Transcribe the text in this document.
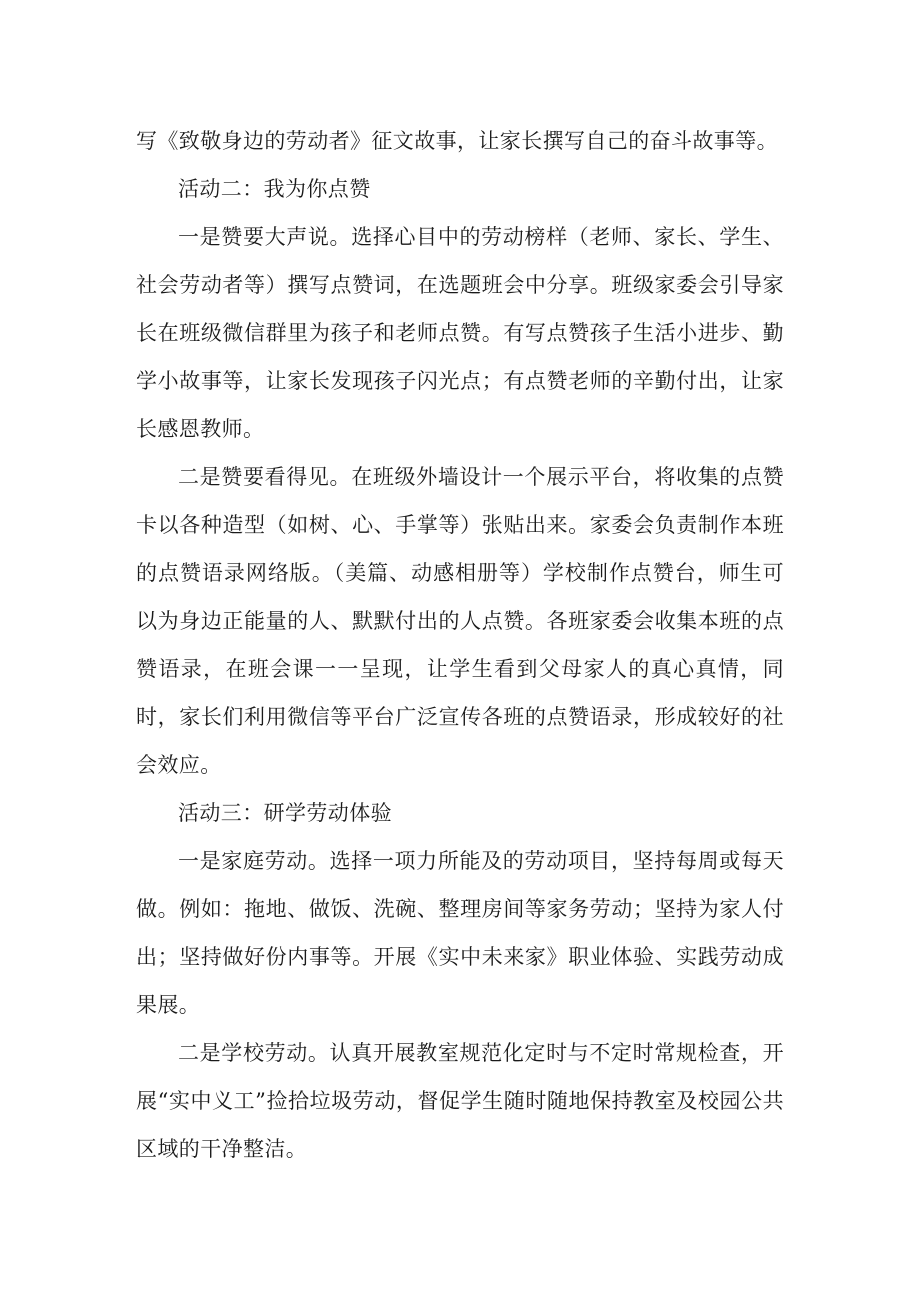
写《致敬身边的劳动者》征文故事，让家长撰写自己的奋斗故事等。

活动二：我为你点赞

一是赞要大声说。选择心目中的劳动榜样（老师、家长、学生、社会劳动者等）撰写点赞词，在选题班会中分享。班级家委会引导家长在班级微信群里为孩子和老师点赞。有写点赞孩子生活小进步、勤学小故事等，让家长发现孩子闪光点；有点赞老师的辛勤付出，让家长感恩教师。

二是赞要看得见。在班级外墙设计一个展示平台，将收集的点赞卡以各种造型（如树、心、手掌等）张贴出来。家委会负责制作本班的点赞语录网络版。（美篇、动感相册等）学校制作点赞台，师生可以为身边正能量的人、默默付出的人点赞。各班家委会收集本班的点赞语录，在班会课一一呈现，让学生看到父母家人的真心真情，同时，家长们利用微信等平台广泛宣传各班的点赞语录，形成较好的社会效应。

活动三：研学劳动体验

一是家庭劳动。选择一项力所能及的劳动项目，坚持每周或每天做。例如：拖地、做饭、洗碗、整理房间等家务劳动；坚持为家人付出；坚持做好份内事等。开展《实中未来家》职业体验、实践劳动成果展。

二是学校劳动。认真开展教室规范化定时与不定时常规检查，开展“实中义工”捡拾垃圾劳动，督促学生随时随地保持教室及校园公共区域的干净整洁。
